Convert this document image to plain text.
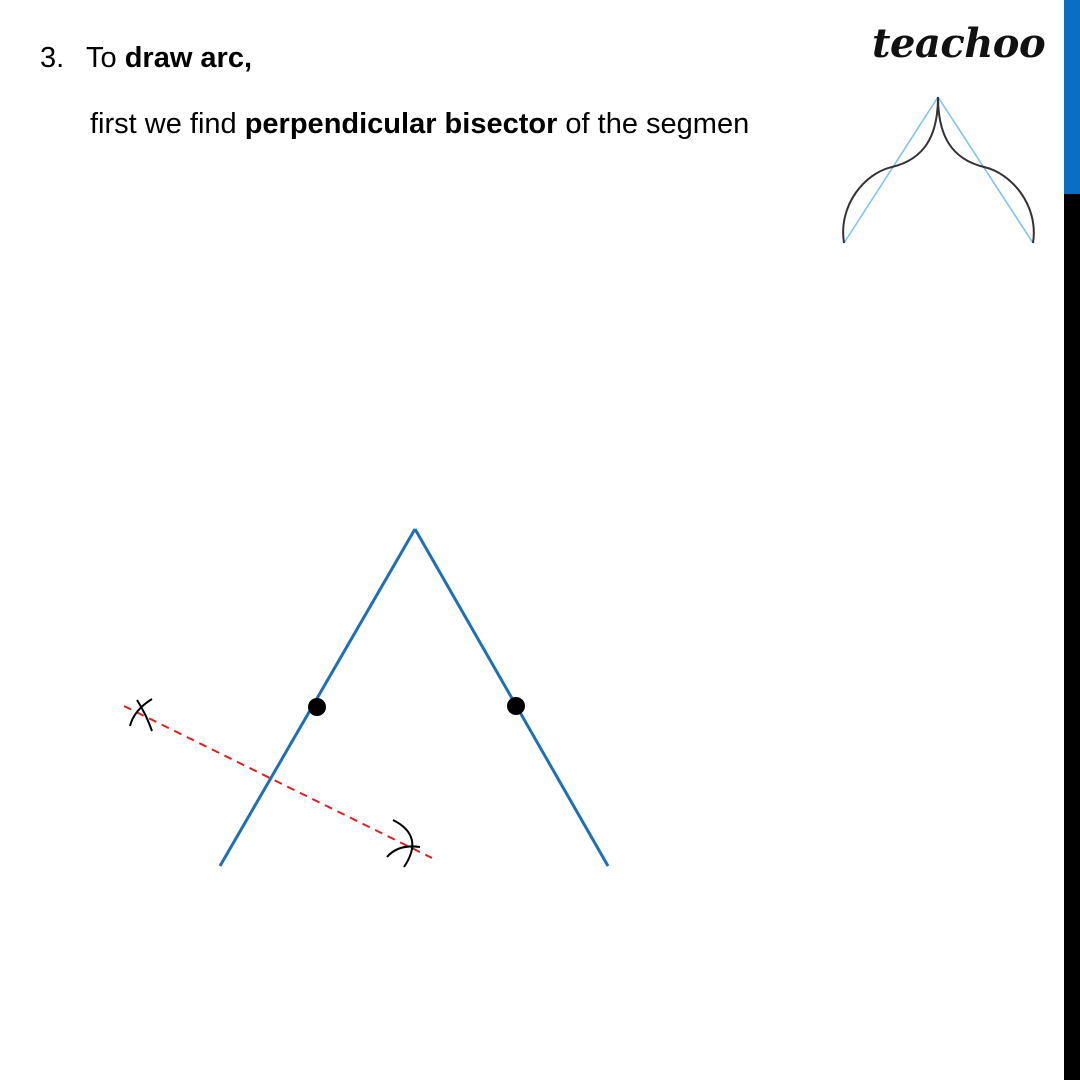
3. To draw arc,
first we find perpendicular bisector of the segmen
teachoo
